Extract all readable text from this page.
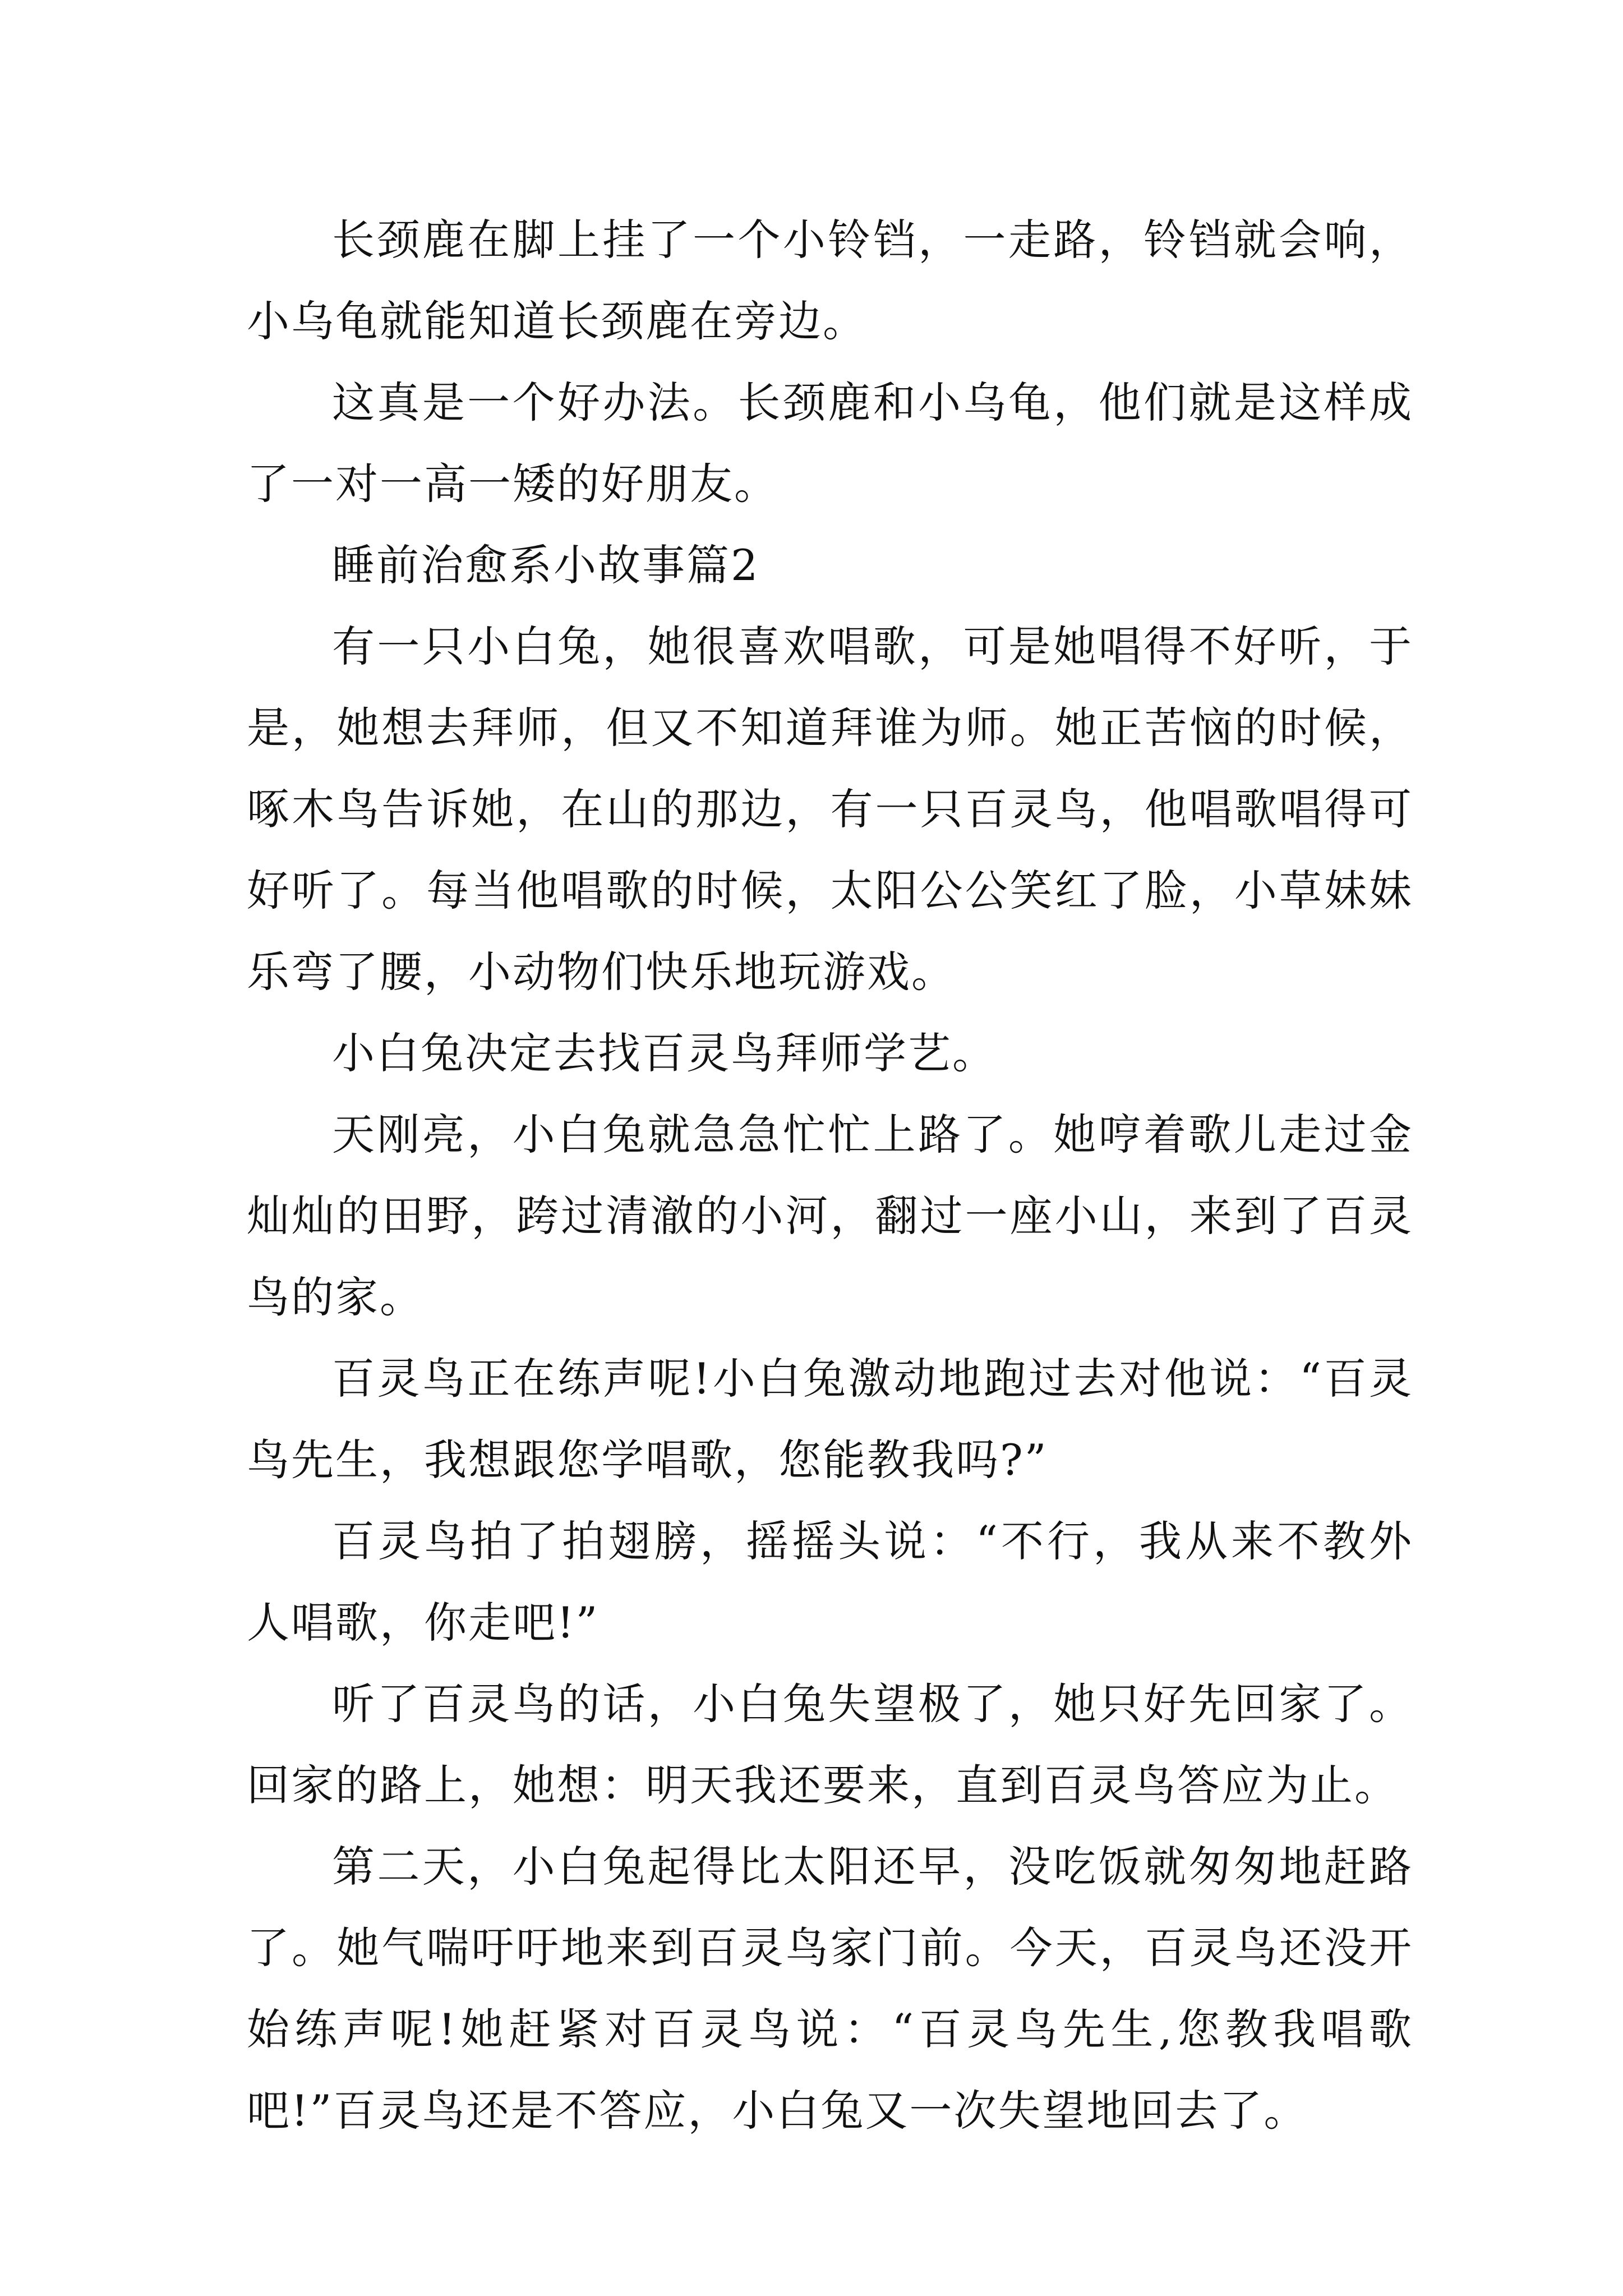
长颈鹿在脚上挂了一个小铃铛，一走路，铃铛就会响，小乌龟就能知道长颈鹿在旁边。

这真是一个好办法。长颈鹿和小乌龟，他们就是这样成了一对一高一矮的好朋友。

睡前治愈系小故事篇2

有一只小白兔，她很喜欢唱歌，可是她唱得不好听，于是，她想去拜师，但又不知道拜谁为师。她正苦恼的时候，啄木鸟告诉她，在山的那边，有一只百灵鸟，他唱歌唱得可好听了。每当他唱歌的时候，太阳公公笑红了脸，小草妹妹乐弯了腰，小动物们快乐地玩游戏。

小白兔决定去找百灵鸟拜师学艺。

天刚亮，小白兔就急急忙忙上路了。她哼着歌儿走过金灿灿的田野，跨过清澈的小河，翻过一座小山，来到了百灵鸟的家。

百灵鸟正在练声呢!小白兔激动地跑过去对他说：“百灵鸟先生，我想跟您学唱歌，您能教我吗?”

百灵鸟拍了拍翅膀，摇摇头说：“不行，我从来不教外人唱歌，你走吧!”

听了百灵鸟的话，小白兔失望极了，她只好先回家了。回家的路上，她想：明天我还要来，直到百灵鸟答应为止。

第二天，小白兔起得比太阳还早，没吃饭就匆匆地赶路了。她气喘吁吁地来到百灵鸟家门前。今天，百灵鸟还没开始练声呢!她赶紧对百灵鸟说：“百灵鸟先生,您教我唱歌吧!”百灵鸟还是不答应，小白兔又一次失望地回去了。
